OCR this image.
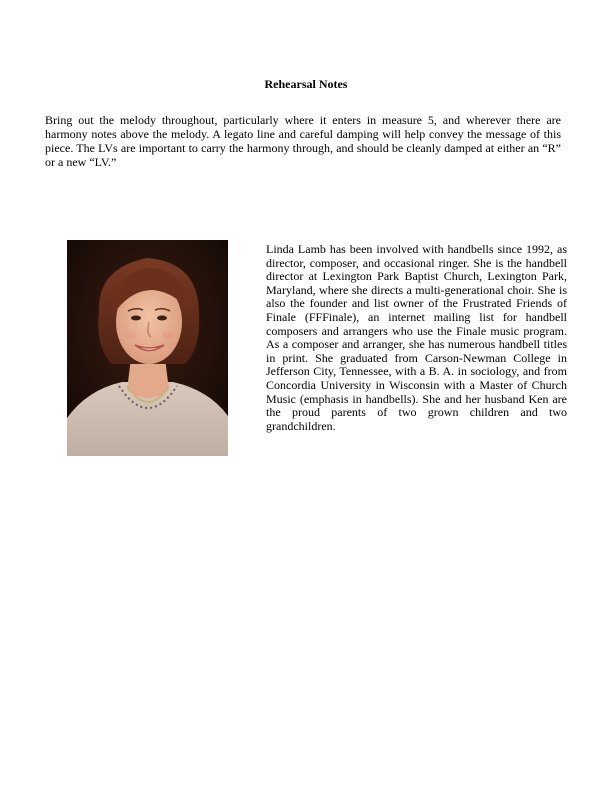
Rehearsal Notes

Bring out the melody throughout, particularly where it enters in measure 5, and wherever there are harmony notes above the melody. A legato line and careful damping will help convey the message of this piece. The LVs are important to carry the harmony through, and should be cleanly damped at either an “R” or a new “LV.”

Linda Lamb has been involved with handbells since 1992, as director, composer, and occasional ringer. She is the handbell director at Lexington Park Baptist Church, Lexington Park, Maryland, where she directs a multi-generational choir. She is also the founder and list owner of the Frustrated Friends of Finale (FFFinale), an internet mailing list for handbell composers and arrangers who use the Finale music program. As a composer and arranger, she has numerous handbell titles in print. She graduated from Carson-Newman College in Jefferson City, Tennessee, with a B. A. in sociology, and from Concordia University in Wisconsin with a Master of Church Music (emphasis in handbells). She and her husband Ken are the proud parents of two grown children and two grandchildren.
